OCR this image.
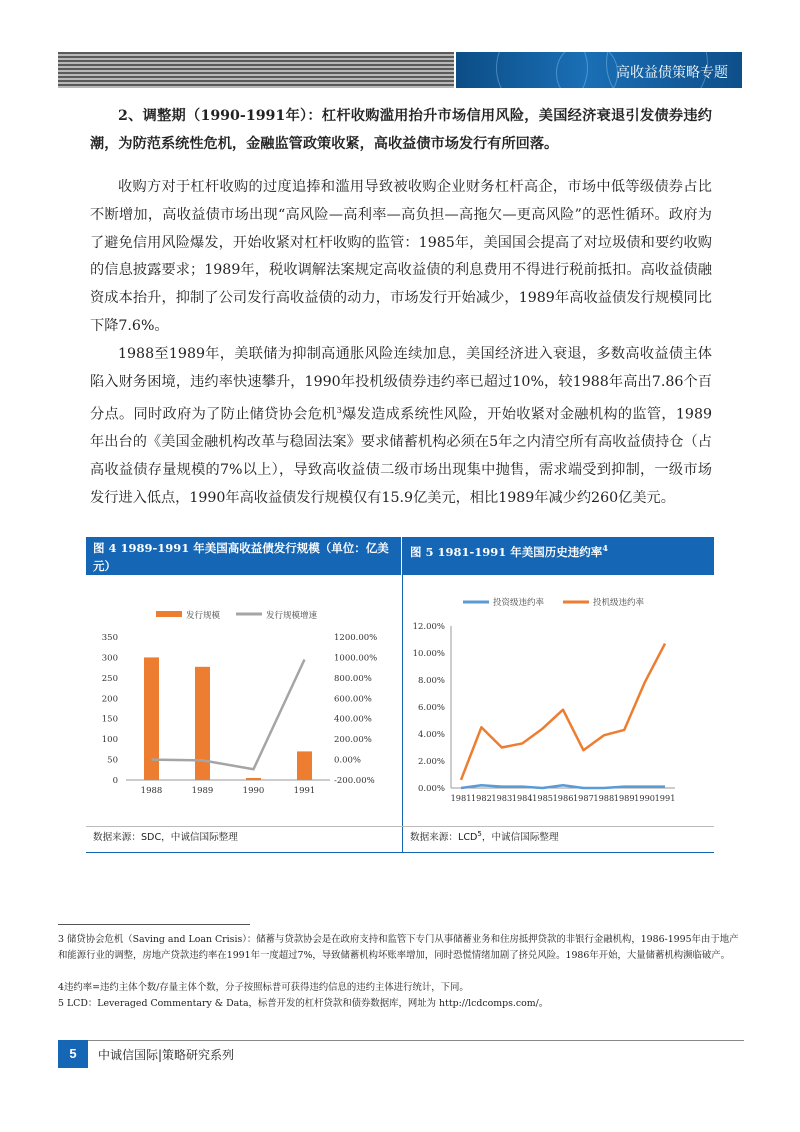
高收益债策略专题

2、调整期（1990-1991年）：杠杆收购滥用抬升市场信用风险，美国经济衰退引发债券违约潮，为防范系统性危机，金融监管政策收紧，高收益债市场发行有所回落。

收购方对于杠杆收购的过度追捧和滥用导致被收购企业财务杠杆高企，市场中低等级债券占比不断增加，高收益债市场出现“高风险—高利率—高负担—高拖欠—更高风险”的恶性循环。政府为了避免信用风险爆发，开始收紧对杠杆收购的监管：1985年，美国国会提高了对垃圾债和要约收购的信息披露要求；1989年，税收调解法案规定高收益债的利息费用不得进行税前抵扣。高收益债融资成本抬升，抑制了公司发行高收益债的动力，市场发行开始减少，1989年高收益债发行规模同比下降7.6%。

1988至1989年，美联储为抑制高通胀风险连续加息，美国经济进入衰退，多数高收益债主体陷入财务困境，违约率快速攀升，1990年投机级债券违约率已超过10%，较1988年高出7.86个百分点。同时政府为了防止储贷协会危机$^3$爆发造成系统性风险，开始收紧对金融机构的监管，1989年出台的《美国金融机构改革与稳固法案》要求储蓄机构必须在5年之内清空所有高收益债持仓（占高收益债存量规模的7%以上），导致高收益债二级市场出现集中抛售，需求端受到抑制，一级市场发行进入低点，1990年高收益债发行规模仅有15.9亿美元，相比1989年减少约260亿美元。

图 4 1989-1991 年美国高收益债发行规模（单位：亿美元）
图 5 1981-1991 年美国历史违约率$^4$
发行规模	发行规模增速
0
50
100
150
200
250
300
350
-200.00%
0.00%
200.00%
400.00%
600.00%
800.00%
1000.00%
1200.00%
1988	1989	1990	1991
投资级违约率	投机级违约率
0.00%
2.00%
4.00%
6.00%
8.00%
10.00%
12.00%
1981 1982 1983 1984 1985 1986 1987 1988 1989 1990 1991
数据来源：SDC，中诚信国际整理	数据来源：LCD$^5$，中诚信国际整理

3 储贷协会危机（Saving and Loan Crisis）：储蓄与贷款协会是在政府支持和监管下专门从事储蓄业务和住房抵押贷款的非银行金融机构，1986-1995年由于地产和能源行业的调整，房地产贷款违约率在1991年一度超过7%，导致储蓄机构坏账率增加，同时恐慌情绪加剧了挤兑风险。1986年开始，大量储蓄机构濒临破产。

4违约率=违约主体个数/存量主体个数，分子按照标普可获得违约信息的违约主体进行统计，下同。

5 LCD：Leveraged Commentary & Data，标普开发的杠杆贷款和债券数据库，网址为 http://lcdcomps.com/。

5	中诚信国际|策略研究系列
